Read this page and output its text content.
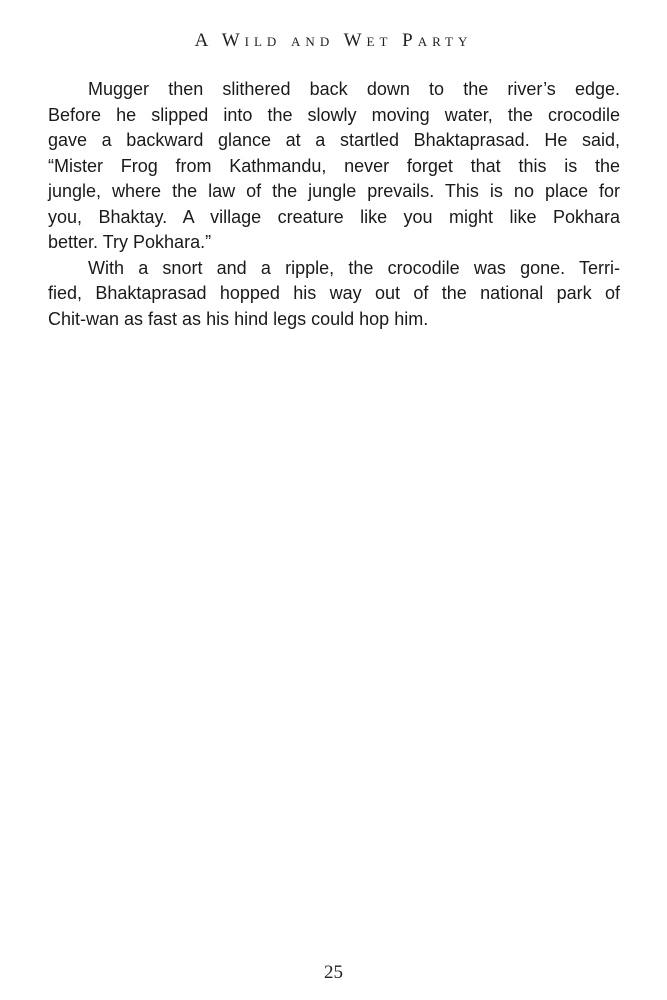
A Wild and Wet Party
Mugger then slithered back down to the river’s edge.
Before he slipped into the slowly moving water, the crocodile
gave a backward glance at a startled Bhaktaprasad. He said,
“Mister Frog from Kathmandu, never forget that this is the
jungle, where the law of the jungle prevails. This is no place for
you, Bhaktay. A village creature like you might like Pokhara
better. Try Pokhara.”
With a snort and a ripple, the crocodile was gone. Terri-
fied, Bhaktaprasad hopped his way out of the national park of
Chit-wan as fast as his hind legs could hop him.
25
